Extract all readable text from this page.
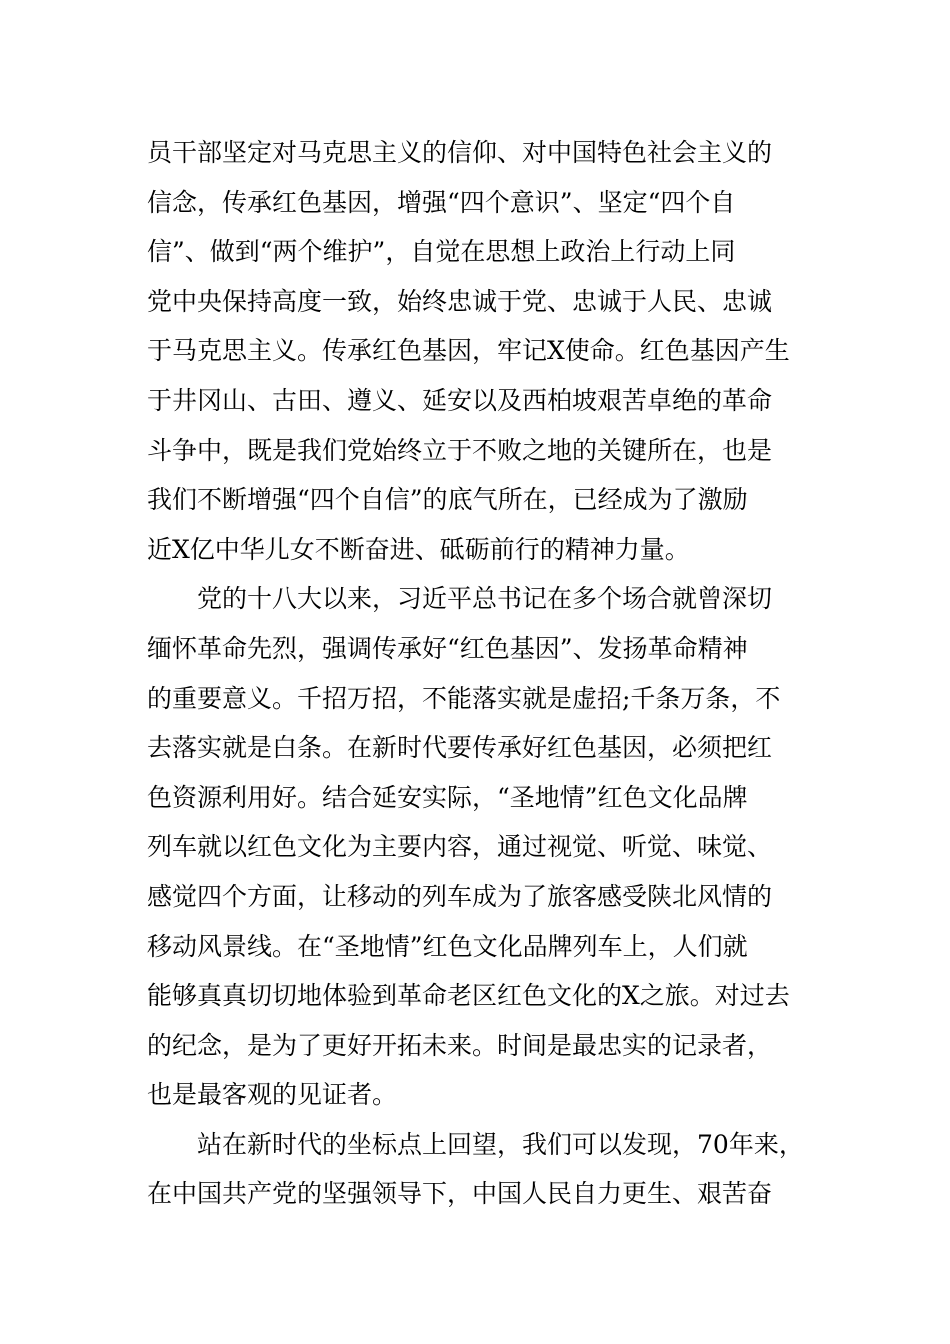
员干部坚定对马克思主义的信仰、对中国特色社会主义的
信念，传承红色基因，增强“四个意识”、坚定“四个自
信”、做到“两个维护”，自觉在思想上政治上行动上同
党中央保持高度一致，始终忠诚于党、忠诚于人民、忠诚
于马克思主义。传承红色基因，牢记X使命。红色基因产生
于井冈山、古田、遵义、延安以及西柏坡艰苦卓绝的革命
斗争中，既是我们党始终立于不败之地的关键所在，也是
我们不断增强“四个自信”的底气所在，已经成为了激励
近X亿中华儿女不断奋进、砥砺前行的精神力量。
党的十八大以来，习近平总书记在多个场合就曾深切
缅怀革命先烈，强调传承好“红色基因”、发扬革命精神
的重要意义。千招万招，不能落实就是虚招;千条万条，不
去落实就是白条。在新时代要传承好红色基因，必须把红
色资源利用好。结合延安实际，“圣地情”红色文化品牌
列车就以红色文化为主要内容，通过视觉、听觉、味觉、
感觉四个方面，让移动的列车成为了旅客感受陕北风情的
移动风景线。在“圣地情”红色文化品牌列车上，人们就
能够真真切切地体验到革命老区红色文化的X之旅。对过去
的纪念，是为了更好开拓未来。时间是最忠实的记录者，
也是最客观的见证者。
站在新时代的坐标点上回望，我们可以发现，70年来，
在中国共产党的坚强领导下，中国人民自力更生、艰苦奋
